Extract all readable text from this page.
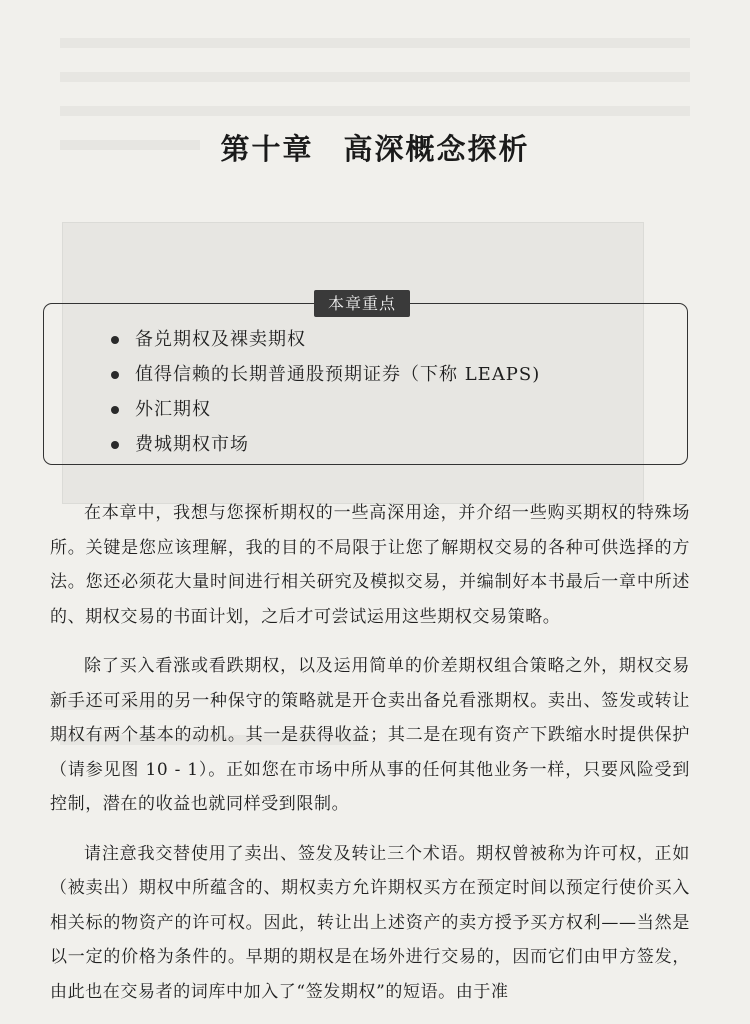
第十章 高深概念探析
本章重点
备兑期权及裸卖期权
值得信赖的长期普通股预期证券（下称 LEAPS)
外汇期权
费城期权市场

在本章中，我想与您探析期权的一些高深用途，并介绍一些购买期权的特殊场所。关键是您应该理解，我的目的不局限于让您了解期权交易的各种可供选择的方法。您还必须花大量时间进行相关研究及模拟交易，并编制好本书最后一章中所述的、期权交易的书面计划，之后才可尝试运用这些期权交易策略。

除了买入看涨或看跌期权，以及运用简单的价差期权组合策略之外，期权交易新手还可采用的另一种保守的策略就是开仓卖出备兑看涨期权。卖出、签发或转让期权有两个基本的动机。其一是获得收益；其二是在现有资产下跌缩水时提供保护（请参见图 10 - 1）。正如您在市场中所从事的任何其他业务一样，只要风险受到控制，潜在的收益也就同样受到限制。

请注意我交替使用了卖出、签发及转让三个术语。期权曾被称为许可权，正如（被卖出）期权中所蕴含的、期权卖方允许期权买方在预定时间以预定行使价买入相关标的物资产的许可权。因此，转让出上述资产的卖方授予买方权利——当然是以一定的价格为条件的。早期的期权是在场外进行交易的，因而它们由甲方签发，由此也在交易者的词库中加入了“签发期权”的短语。由于准
